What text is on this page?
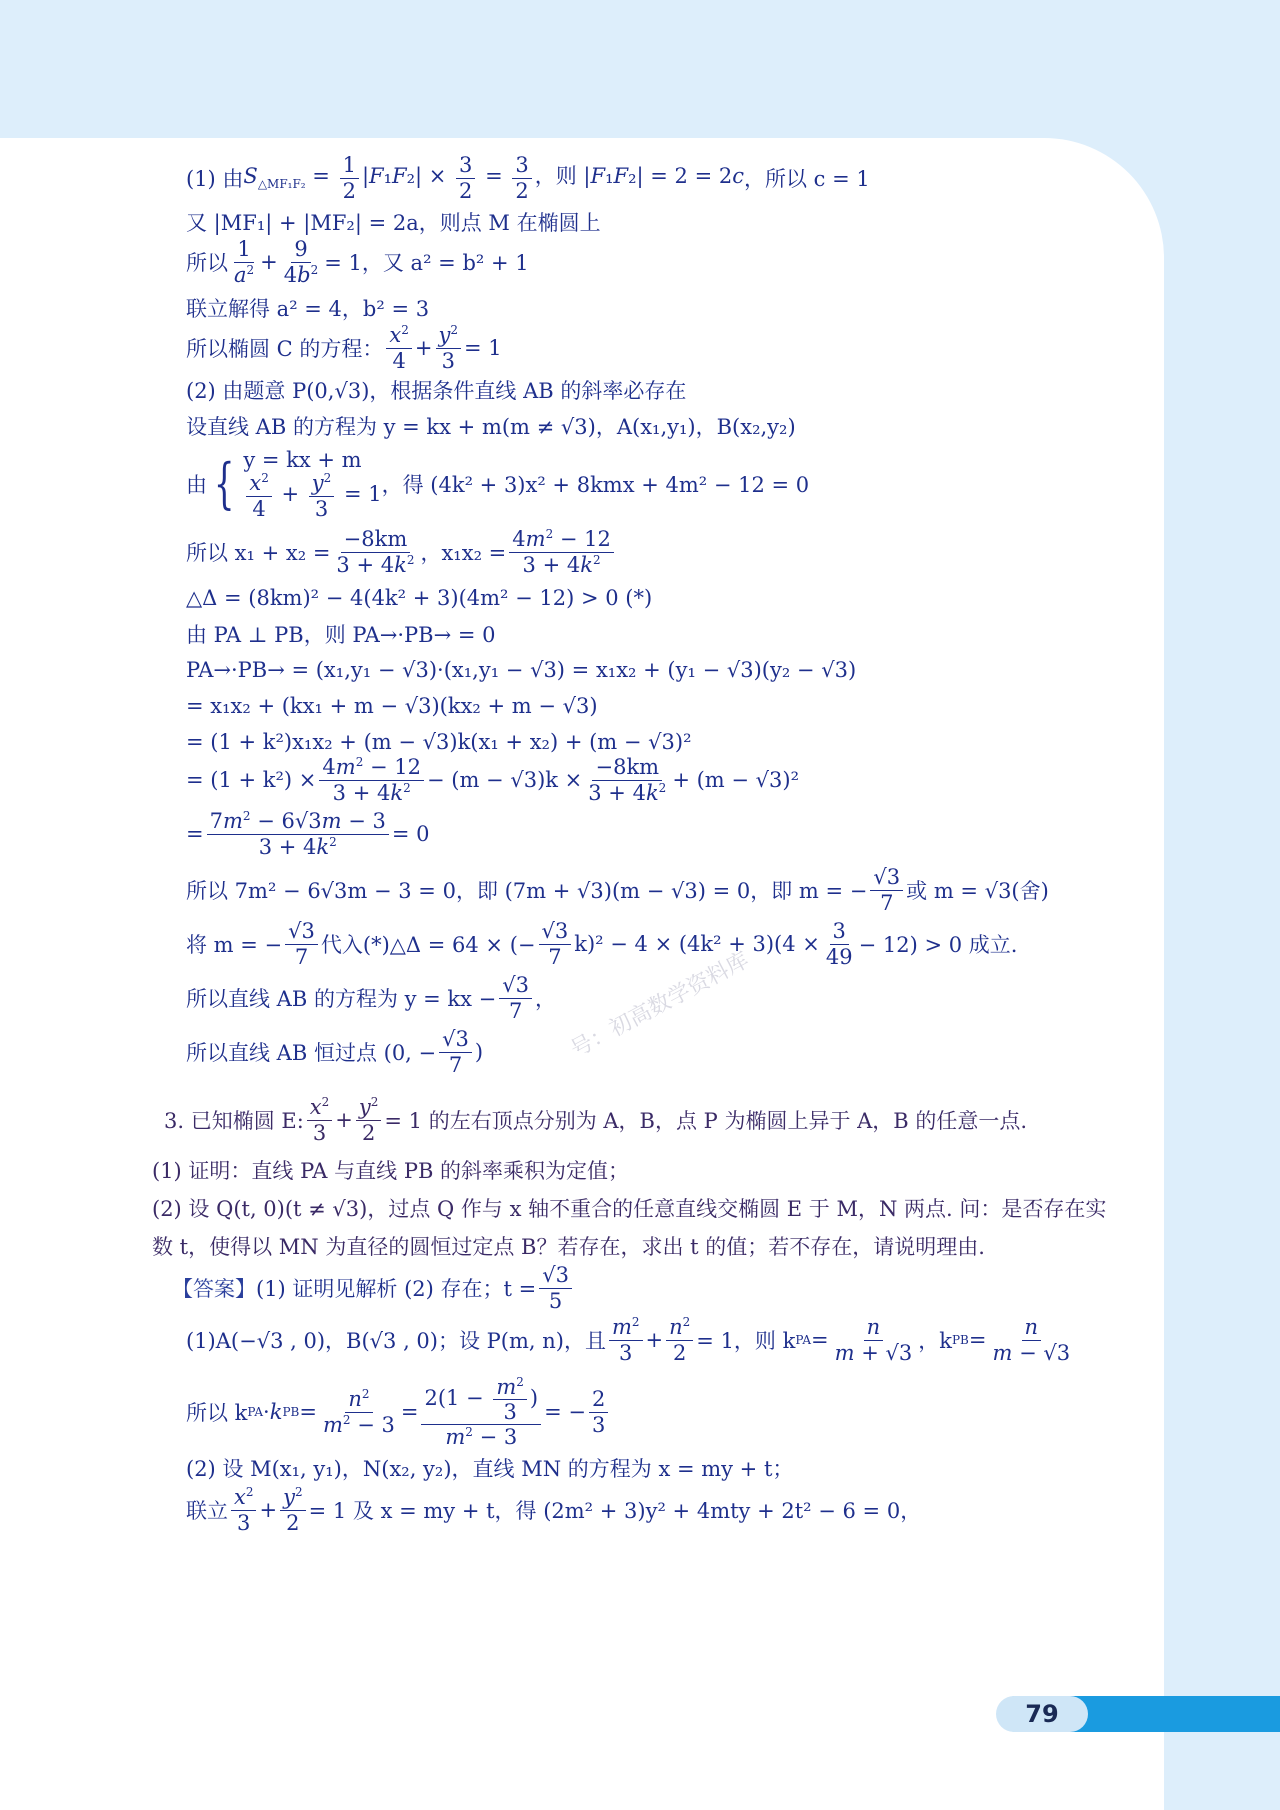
(1) 由 $S_{\triangle MF_1F_2} = \frac{1}{2} |F_1F_2| \times \frac{3}{2} = \frac{3}{2}$ ，则 |F₁F₂| = 2 = 2c ，所以 c = 1
又 |MF₁| + |MF₂| = 2a，则点 M 在椭圆上
所以 $\frac{1}{a^2} + \frac{9}{4b^2} = 1$，又 a² = b² + 1
联立解得 a² = 4，b² = 3
所以椭圆 C 的方程： $\frac{x^2}{4} + \frac{y^2}{3} = 1$
(2) 由题意 P(0,√3)，根据条件直线 AB 的斜率必存在
设直线 AB 的方程为 y = kx + m(m ≠ √3)，A(x₁,y₁)，B(x₂,y₂)
由 { y = kx + m
$\frac{x^2}{4} + \frac{y^2}{3} = 1$ ，得 (4k² + 3)x² + 8kmx + 4m² − 12 = 0
所以 $x_1 + x_2 = \frac{-8km}{3 + 4k^2}$ ，$x_1x_2 = \frac{4m^2 - 12}{3 + 4k^2}$
△Δ = (8km)² − 4(4k² + 3)(4m² − 12) > 0 (*)
由 PA ⊥ PB，则 PA→·PB→ = 0
PA→·PB→ = (x₁,y₁ − √3)·(x₁,y₁ − √3) = x₁x₂ + (y₁ − √3)(y₂ − √3)
= x₁x₂ + (kx₁ + m − √3)(kx₂ + m − √3)
= (1 + k²)x₁x₂ + (m − √3)k(x₁ + x₂) + (m − √3)²
= $(1 + k^2) \times \frac{4m^2 - 12}{3 + 4k^2} - (m - √3)k \times \frac{-8km}{3 + 4k^2} + (m - √3)^2$
= $\frac{7m^2 - 6√3m - 3}{3 + 4k^2} = 0$
所以 7m² − 6√3m − 3 = 0，即 (7m + √3)(m − √3) = 0，即 m = − $\frac{√3}{7}$ 或 m = √3(舍)
将 m = − $\frac{√3}{7}$ 代入(*)△Δ = 64 × (− $\frac{√3}{7} k)^2 - 4 \times (4k^2 + 3)(4 \times \frac{3}{49} - 12) > 0$ 成立.
所以直线 AB 的方程为 y = kx − $\frac{√3}{7}$ ，
所以直线 AB 恒过点 (0, − $\frac{√3}{7}$ )
3. 已知椭圆 E: $\frac{x^2}{3} + \frac{y^2}{2} = 1$ 的左右顶点分别为 A，B，点 P 为椭圆上异于 A，B 的任意一点.
(1) 证明：直线 PA 与直线 PB 的斜率乘积为定值；
(2) 设 Q(t, 0)(t ≠ √3)，过点 Q 作与 x 轴不重合的任意直线交椭圆 E 于 M，N 两点. 问：是否存在实
数 t，使得以 MN 为直径的圆恒过定点 B？若存在，求出 t 的值；若不存在，请说明理由.
【答案】 (1) 证明见解析 (2) 存在；$t = \frac{√3}{5}$
(1)A(−√3 , 0)，B(√3 , 0)；设 P(m, n)，且 $\frac{m^2}{3} + \frac{n^2}{2} = 1$，则 k PA = $\frac{n}{m + √3}$ ，k PB = $\frac{n}{m - √3}$
所以 k PA · k PB = $\frac{n^2}{m^2 - 3} = \frac{2(1 - \frac{m^2}{3} )}{m^2 - 3}$ = − $\frac{2}{3}$
(2) 设 M(x₁, y₁)，N(x₂, y₂)，直线 MN 的方程为 x = my + t；
联立 $\frac{x^2}{3} + \frac{y^2}{2} = 1$ 及 x = my + t，得 (2m² + 3)y² + 4mty + 2t² − 6 = 0，
号：初高数学资料库
79
